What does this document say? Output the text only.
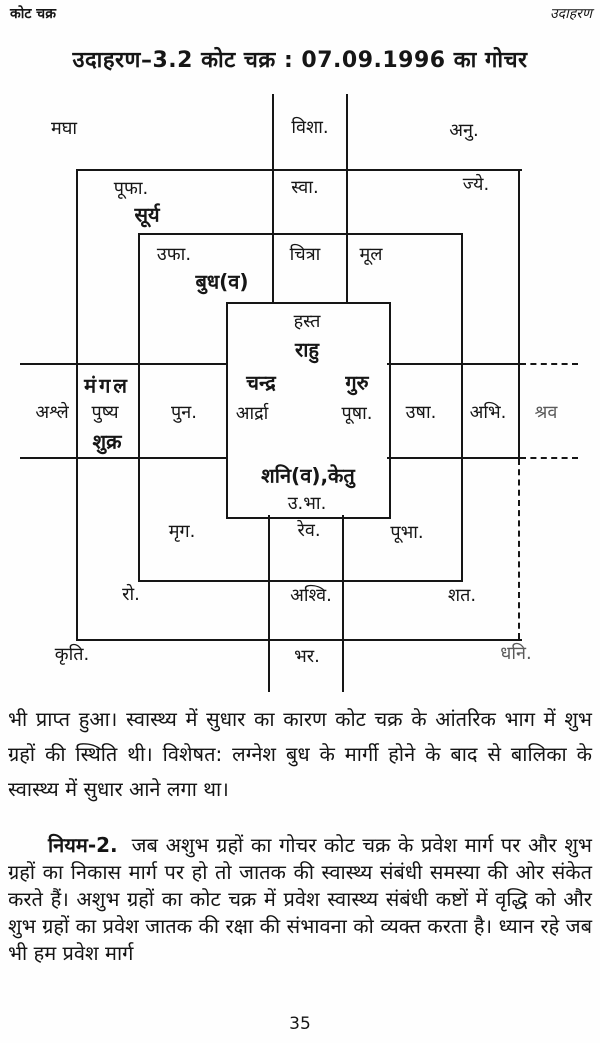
कोट चक्र	उदाहरण
उदाहरण–3.2 कोट चक्र : 07.09.1996 का गोचर
मघा	विशा.	अनु.
अश्ले	श्रव
कृति.	भर.	धनि.
पूफा.	स्वा.	ज्ये.
सूर्य
मंगल
पुष्य
शुक्र
अभि.
रो.	अश्वि.	शत.
उफा.	चित्रा मूल
बुध(व)
पुन.	उषा.
मृग.	रेव.	पूभा.
हस्त
राहु
चन्द्र	गुरु
आर्द्रा	पूषा.
शनि(व),केतु
उ.भा.

भी प्राप्त हुआ। स्वास्थ्य में सुधार का कारण कोट चक्र के आंतरिक भाग में शुभ ग्रहों की स्थिति थी। विशेषत: लग्नेश बुध के मार्गी होने के बाद से बालिका के स्वास्थ्य में सुधार आने लगा था।

नियम-2. जब अशुभ ग्रहों का गोचर कोट चक्र के प्रवेश मार्ग पर और शुभ ग्रहों का निकास मार्ग पर हो तो जातक की स्वास्थ्य संबंधी समस्या की ओर संकेत करते हैं। अशुभ ग्रहों का कोट चक्र में प्रवेश स्वास्थ्य संबंधी कष्टों में वृद्धि को और शुभ ग्रहों का प्रवेश जातक की रक्षा की संभावना को व्यक्त करता है। ध्यान रहे जब भी हम प्रवेश मार्ग

35
